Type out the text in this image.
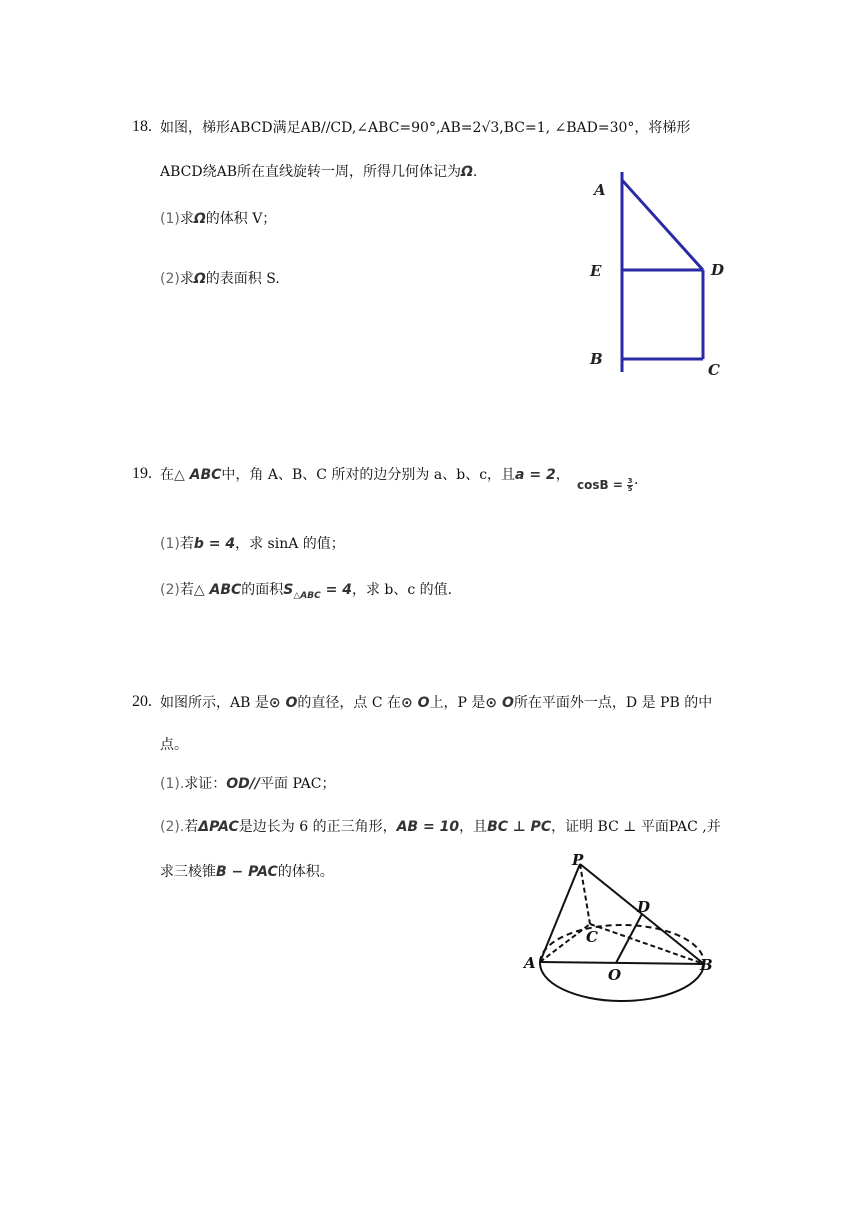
18. 如图，梯形ABCD满足AB//CD,∠ABC=90°,AB=2√3,BC=1, ∠BAD=30°，将梯形
ABCD绕AB所在直线旋转一周，所得几何体记为Ω.
(1)求Ω的体积 V；
(2)求Ω的表面积 S.
A
E	D
B
C
19. 在△ ABC中，角 A、B、C 所对的边分别为 a、b、c，且a = 2，
$\cos B = \frac{3}{5}$ .
(1)若b = 4，求 sinA 的值；
(2)若△ ABC的面积$S_{\triangle ABC} = 4$，求 b、c 的值.
20. 如图所示，AB 是⊙ O的直径，点 C 在⊙ O上，P 是⊙ O所在平面外一点，D 是 PB 的中
点。
(1).求证：OD//平面 PAC；
(2).若ΔPAC是边长为 6 的正三角形，AB = 10，且BC ⊥ PC，证明 BC ⊥ 平面PAC ,并
求三棱锥B − PAC的体积。
P
D
C
A
O
B
